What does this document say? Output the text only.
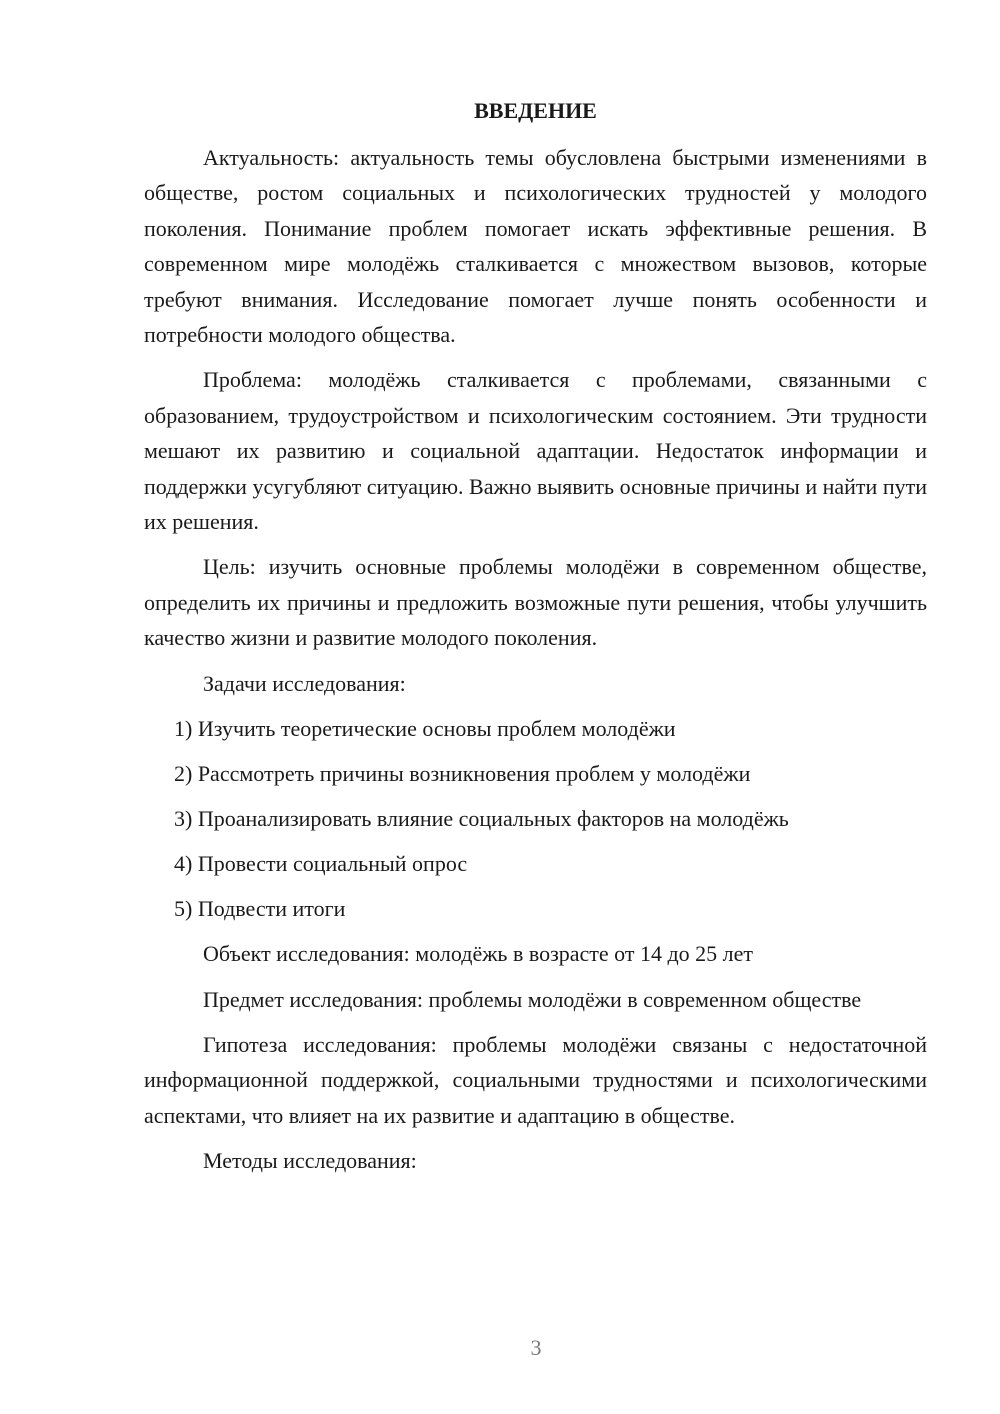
ВВЕДЕНИЕ

Актуальность: актуальность темы обусловлена быстрыми изменениями в обществе, ростом социальных и психологических трудностей у молодого поколения. Понимание проблем помогает искать эффективные решения. В современном мире молодёжь сталкивается с множеством вызовов, которые требуют внимания. Исследование помогает лучше понять особенности и потребности молодого общества.

Проблема: молодёжь сталкивается с проблемами, связанными с образованием, трудоустройством и психологическим состоянием. Эти трудности мешают их развитию и социальной адаптации. Недостаток информации и поддержки усугубляют ситуацию. Важно выявить основные причины и найти пути их решения.

Цель: изучить основные проблемы молодёжи в современном обществе, определить их причины и предложить возможные пути решения, чтобы улучшить качество жизни и развитие молодого поколения.

Задачи исследования:

1) Изучить теоретические основы проблем молодёжи
2) Рассмотреть причины возникновения проблем у молодёжи
3) Проанализировать влияние социальных факторов на молодёжь
4) Провести социальный опрос
5) Подвести итоги

Объект исследования: молодёжь в возрасте от 14 до 25 лет

Предмет исследования: проблемы молодёжи в современном обществе

Гипотеза исследования: проблемы молодёжи связаны с недостаточной информационной поддержкой, социальными трудностями и психологическими аспектами, что влияет на их развитие и адаптацию в обществе.

Методы исследования:

3
